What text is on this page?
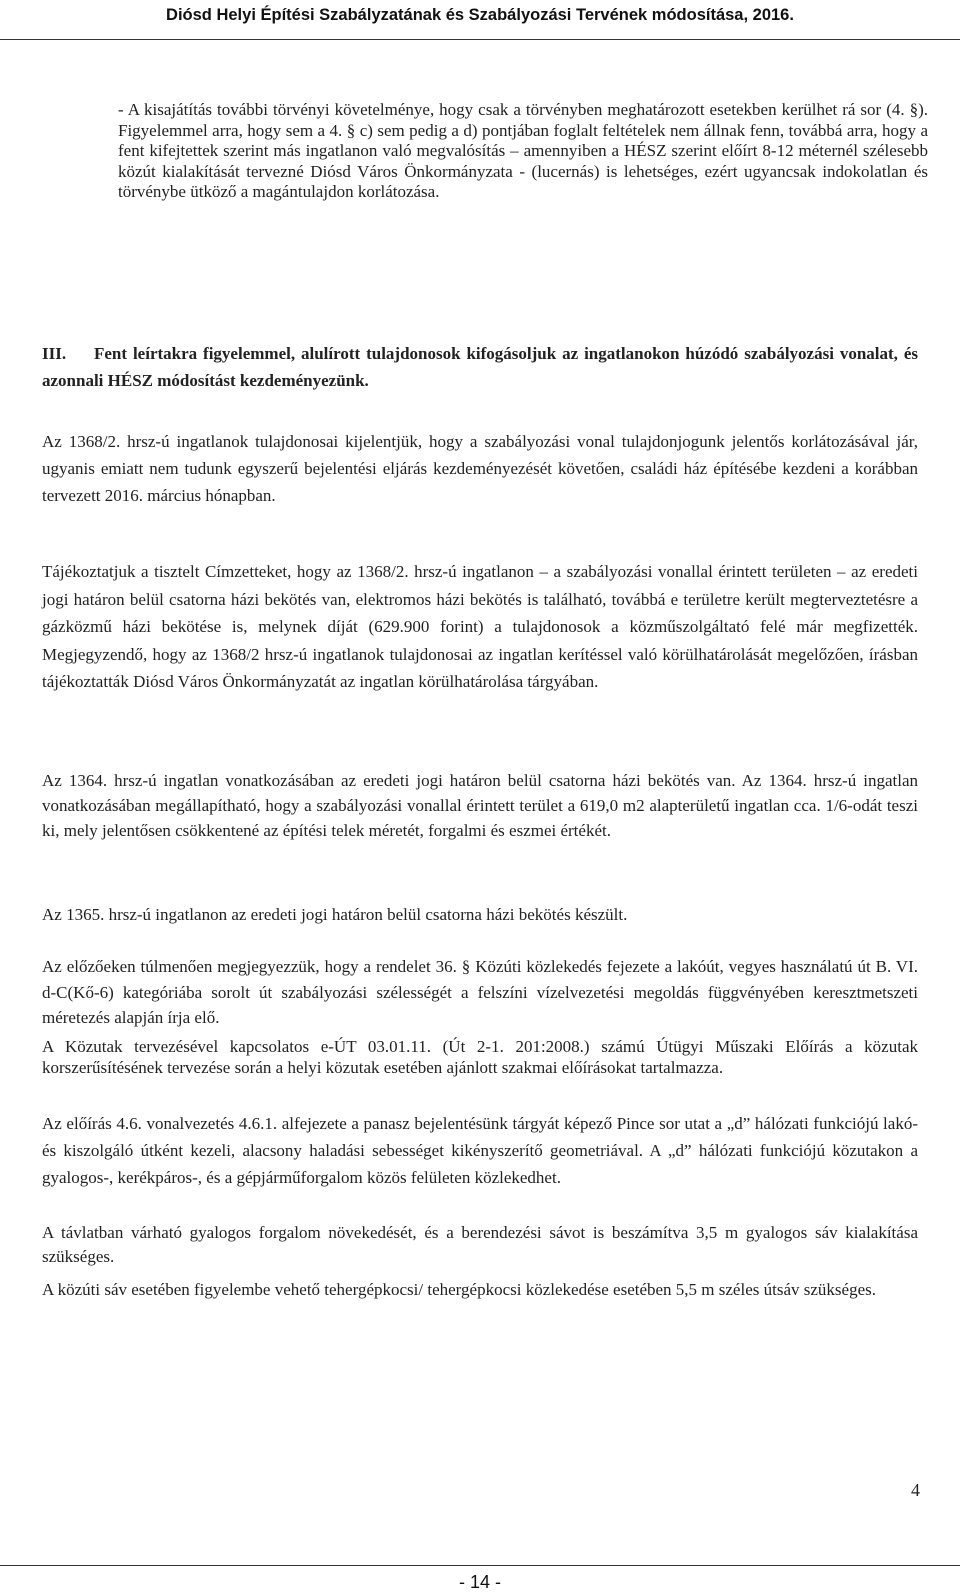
Diósd Helyi Építési Szabályzatának és Szabályozási Tervének módosítása, 2016.

- A kisajátítás további törvényi követelménye, hogy csak a törvényben meghatározott esetekben kerülhet rá sor (4. §). Figyelemmel arra, hogy sem a 4. § c) sem pedig a d) pontjában foglalt feltételek nem állnak fenn, továbbá arra, hogy a fent kifejtettek szerint más ingatlanon való megvalósítás – amennyiben a HÉSZ szerint előírt 8-12 méternél szélesebb közút kialakítását tervezné Diósd Város Önkormányzata - (lucernás) is lehetséges, ezért ugyancsak indokolatlan és törvénybe ütköző a magántulajdon korlátozása.

III. Fent leírtakra figyelemmel, alulírott tulajdonosok kifogásoljuk az ingatlanokon húzódó szabályozási vonalat, és azonnali HÉSZ módosítást kezdeményezünk.

Az 1368/2. hrsz-ú ingatlanok tulajdonosai kijelentjük, hogy a szabályozási vonal tulajdonjogunk jelentős korlátozásával jár, ugyanis emiatt nem tudunk egyszerű bejelentési eljárás kezdeményezését követően, családi ház építésébe kezdeni a korábban tervezett 2016. március hónapban.

Tájékoztatjuk a tisztelt Címzetteket, hogy az 1368/2. hrsz-ú ingatlanon – a szabályozási vonallal érintett területen – az eredeti jogi határon belül csatorna házi bekötés van, elektromos házi bekötés is található, továbbá e területre került megterveztetésre a gázközmű házi bekötése is, melynek díját (629.900 forint) a tulajdonosok a közműszolgáltató felé már megfizették. Megjegyzendő, hogy az 1368/2 hrsz-ú ingatlanok tulajdonosai az ingatlan kerítéssel való körülhatárolását megelőzően, írásban tájékoztatták Diósd Város Önkormányzatát az ingatlan körülhatárolása tárgyában.

Az 1364. hrsz-ú ingatlan vonatkozásában az eredeti jogi határon belül csatorna házi bekötés van. Az 1364. hrsz-ú ingatlan vonatkozásában megállapítható, hogy a szabályozási vonallal érintett terület a 619,0 m2 alapterületű ingatlan cca. 1/6-odát teszi ki, mely jelentősen csökkentené az építési telek méretét, forgalmi és eszmei értékét.

Az 1365. hrsz-ú ingatlanon az eredeti jogi határon belül csatorna házi bekötés készült.

Az előzőeken túlmenően megjegyezzük, hogy a rendelet 36. § Közúti közlekedés fejezete a lakóút, vegyes használatú út B. VI. d-C(Kő-6) kategóriába sorolt út szabályozási szélességét a felszíni vízelvezetési megoldás függvényében keresztmetszeti méretezés alapján írja elő.

A Közutak tervezésével kapcsolatos e-ÚT 03.01.11. (Út 2-1. 201:2008.) számú Útügyi Műszaki Előírás a közutak korszerűsítésének tervezése során a helyi közutak esetében ajánlott szakmai előírásokat tartalmazza.

Az előírás 4.6. vonalvezetés 4.6.1. alfejezete a panasz bejelentésünk tárgyát képező Pince sor utat a „d” hálózati funkciójú lakó- és kiszolgáló útként kezeli, alacsony haladási sebességet kikényszerítő geometriával. A „d” hálózati funkciójú közutakon a gyalogos-, kerékpáros-, és a gépjárműforgalom közös felületen közlekedhet.

A távlatban várható gyalogos forgalom növekedését, és a berendezési sávot is beszámítva 3,5 m gyalogos sáv kialakítása szükséges.

A közúti sáv esetében figyelembe vehető tehergépkocsi/ tehergépkocsi közlekedése esetében 5,5 m széles útsáv szükséges.

4
- 14 -
